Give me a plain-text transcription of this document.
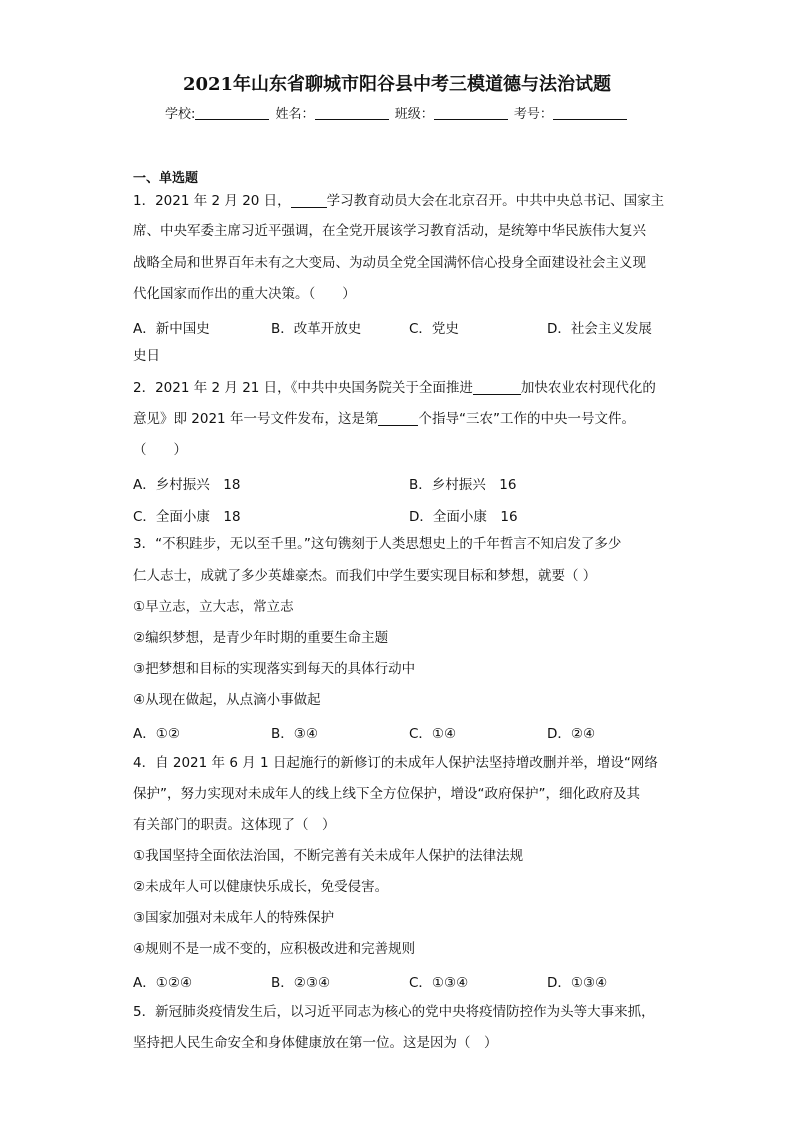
2021年山东省聊城市阳谷县中考三模道德与法治试题
学校:	姓名：	班级：	考号：
一、单选题
1．2021 年 2 月 20 日，	学习教育动员大会在北京召开。中共中央总书记、国家主
席、中央军委主席习近平强调，在全党开展该学习教育活动，是统筹中华民族伟大复兴
战略全局和世界百年未有之大变局、为动员全党全国满怀信心投身全面建设社会主义现
代化国家而作出的重大决策。（　　）
A．新中国史	B．改革开放史	C．党史	D．社会主义发展
史日
2．2021 年 2 月 21 日，《中共中央国务院关于全面推进	加快农业农村现代化的
意见》即 2021 年一号文件发布，这是第	个指导“三农”工作的中央一号文件。
（　　）
A．乡村振兴　18	B．乡村振兴　16
C．全面小康　18	D．全面小康　16
3．“不积跬步，无以至千里。”这句镌刻于人类思想史上的千年哲言不知启发了多少
仁人志士，成就了多少英雄豪杰。而我们中学生要实现目标和梦想，就要（ ）
①早立志，立大志，常立志
②编织梦想，是青少年时期的重要生命主题
③把梦想和目标的实现落实到每天的具体行动中
④从现在做起，从点滴小事做起
A．①②	B．③④	C．①④	D．②④
4．自 2021 年 6 月 1 日起施行的新修订的未成年人保护法坚持增改删并举，增设“网络
保护”，努力实现对未成年人的线上线下全方位保护，增设“政府保护”，细化政府及其
有关部门的职责。这体现了（　）
①我国坚持全面依法治国，不断完善有关未成年人保护的法律法规
②未成年人可以健康快乐成长，免受侵害。
③国家加强对未成年人的特殊保护
④规则不是一成不变的，应积极改进和完善规则
A．①②④	B．②③④	C．①③④	D．①③④
5．新冠肺炎疫情发生后，以习近平同志为核心的党中央将疫情防控作为头等大事来抓，
坚持把人民生命安全和身体健康放在第一位。这是因为（　）
